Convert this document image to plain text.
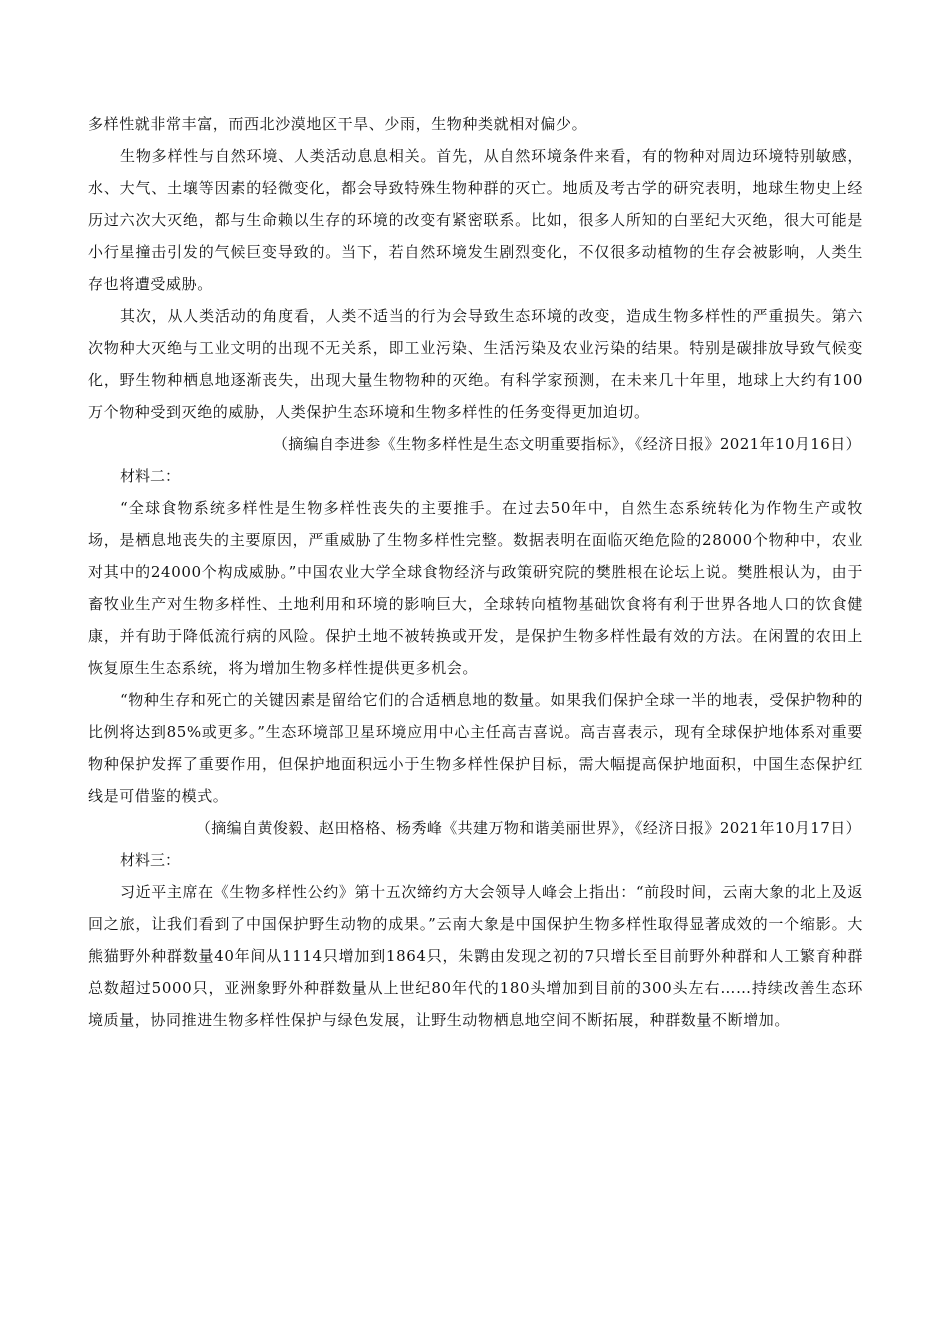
多样性就非常丰富，而西北沙漠地区干旱、少雨，生物种类就相对偏少。

生物多样性与自然环境、人类活动息息相关。首先，从自然环境条件来看，有的物种对周边环境特别敏感，水、大气、土壤等因素的轻微变化，都会导致特殊生物种群的灭亡。地质及考古学的研究表明，地球生物史上经历过六次大灭绝，都与生命赖以生存的环境的改变有紧密联系。比如，很多人所知的白垩纪大灭绝，很大可能是小行星撞击引发的气候巨变导致的。当下，若自然环境发生剧烈变化，不仅很多动植物的生存会被影响，人类生存也将遭受威胁。

其次，从人类活动的角度看，人类不适当的行为会导致生态环境的改变，造成生物多样性的严重损失。第六次物种大灭绝与工业文明的出现不无关系，即工业污染、生活污染及农业污染的结果。特别是碳排放导致气候变化，野生物种栖息地逐渐丧失，出现大量生物物种的灭绝。有科学家预测，在未来几十年里，地球上大约有100万个物种受到灭绝的威胁，人类保护生态环境和生物多样性的任务变得更加迫切。

（摘编自李进参《生物多样性是生态文明重要指标》，《经济日报》2021年10月16日）

材料二：

“全球食物系统多样性是生物多样性丧失的主要推手。在过去50年中，自然生态系统转化为作物生产或牧场，是栖息地丧失的主要原因，严重威胁了生物多样性完整。数据表明在面临灭绝危险的28000个物种中，农业对其中的24000个构成威胁。”中国农业大学全球食物经济与政策研究院的樊胜根在论坛上说。樊胜根认为，由于畜牧业生产对生物多样性、土地利用和环境的影响巨大，全球转向植物基础饮食将有利于世界各地人口的饮食健康，并有助于降低流行病的风险。保护土地不被转换或开发，是保护生物多样性最有效的方法。在闲置的农田上恢复原生生态系统，将为增加生物多样性提供更多机会。

“物种生存和死亡的关键因素是留给它们的合适栖息地的数量。如果我们保护全球一半的地表，受保护物种的比例将达到85%或更多。”生态环境部卫星环境应用中心主任高吉喜说。高吉喜表示，现有全球保护地体系对重要物种保护发挥了重要作用，但保护地面积远小于生物多样性保护目标，需大幅提高保护地面积，中国生态保护红线是可借鉴的模式。

（摘编自黄俊毅、赵田格格、杨秀峰《共建万物和谐美丽世界》，《经济日报》2021年10月17日）

材料三：

习近平主席在《生物多样性公约》第十五次缔约方大会领导人峰会上指出：“前段时间，云南大象的北上及返回之旅，让我们看到了中国保护野生动物的成果。”云南大象是中国保护生物多样性取得显著成效的一个缩影。大熊猫野外种群数量40年间从1114只增加到1864只，朱鹮由发现之初的7只增长至目前野外种群和人工繁育种群总数超过5000只，亚洲象野外种群数量从上世纪80年代的180头增加到目前的300头左右……持续改善生态环境质量，协同推进生物多样性保护与绿色发展，让野生动物栖息地空间不断拓展，种群数量不断增加。
